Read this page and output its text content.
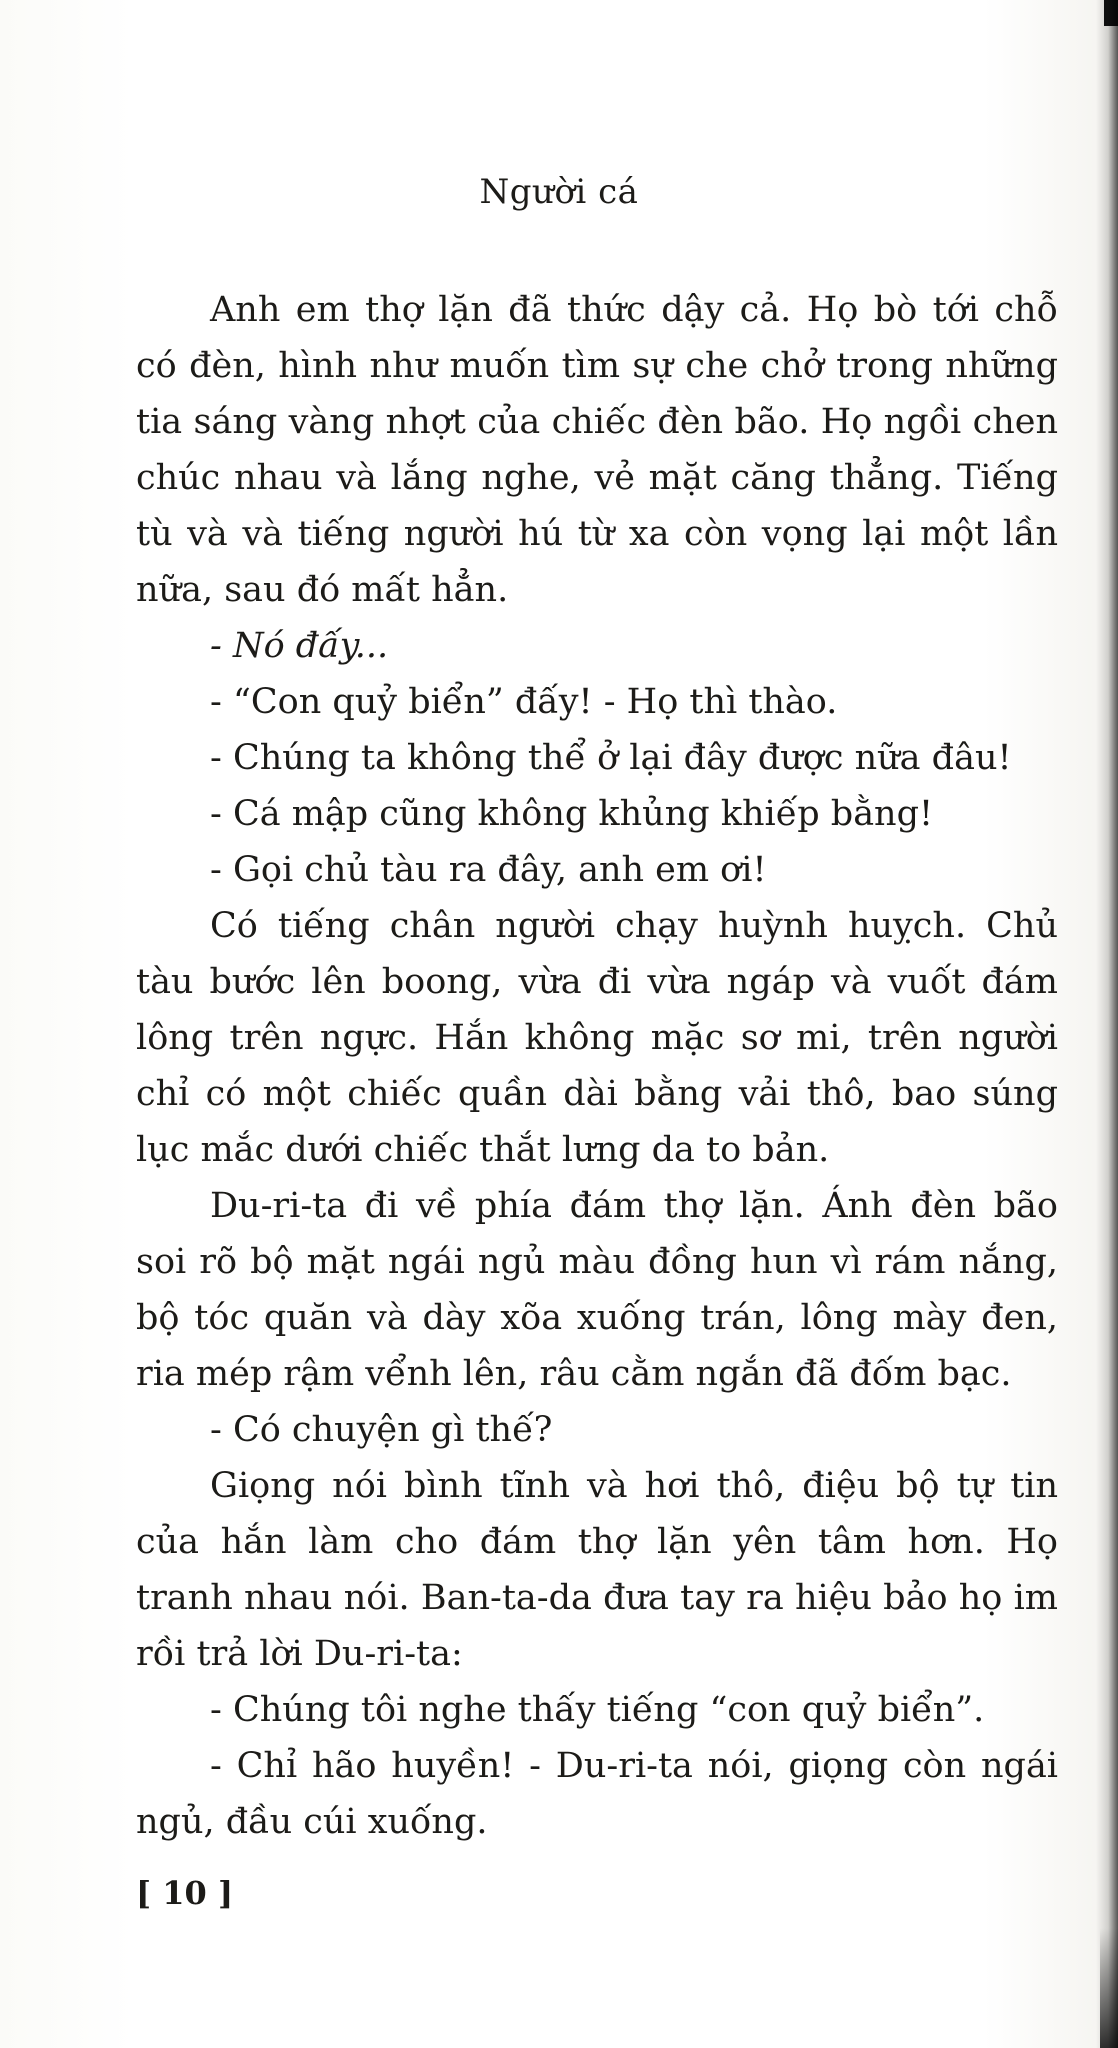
Người cá

Anh em thợ lặn đã thức dậy cả. Họ bò tới chỗ có đèn, hình như muốn tìm sự che chở trong những tia sáng vàng nhợt của chiếc đèn bão. Họ ngồi chen chúc nhau và lắng nghe, vẻ mặt căng thẳng. Tiếng tù và và tiếng người hú từ xa còn vọng lại một lần nữa, sau đó mất hẳn.

- Nó đấy...

- “Con quỷ biển” đấy! - Họ thì thào.

- Chúng ta không thể ở lại đây được nữa đâu!

- Cá mập cũng không khủng khiếp bằng!

- Gọi chủ tàu ra đây, anh em ơi!

Có tiếng chân người chạy huỳnh huỵch. Chủ tàu bước lên boong, vừa đi vừa ngáp và vuốt đám lông trên ngực. Hắn không mặc sơ mi, trên người chỉ có một chiếc quần dài bằng vải thô, bao súng lục mắc dưới chiếc thắt lưng da to bản.

Du-ri-ta đi về phía đám thợ lặn. Ánh đèn bão soi rõ bộ mặt ngái ngủ màu đồng hun vì rám nắng, bộ tóc quăn và dày xõa xuống trán, lông mày đen, ria mép rậm vểnh lên, râu cằm ngắn đã đốm bạc.

- Có chuyện gì thế?

Giọng nói bình tĩnh và hơi thô, điệu bộ tự tin của hắn làm cho đám thợ lặn yên tâm hơn. Họ tranh nhau nói. Ban-ta-da đưa tay ra hiệu bảo họ im rồi trả lời Du-ri-ta:

- Chúng tôi nghe thấy tiếng “con quỷ biển”.

- Chỉ hão huyền! - Du-ri-ta nói, giọng còn ngái ngủ, đầu cúi xuống.

[ 10 ]
